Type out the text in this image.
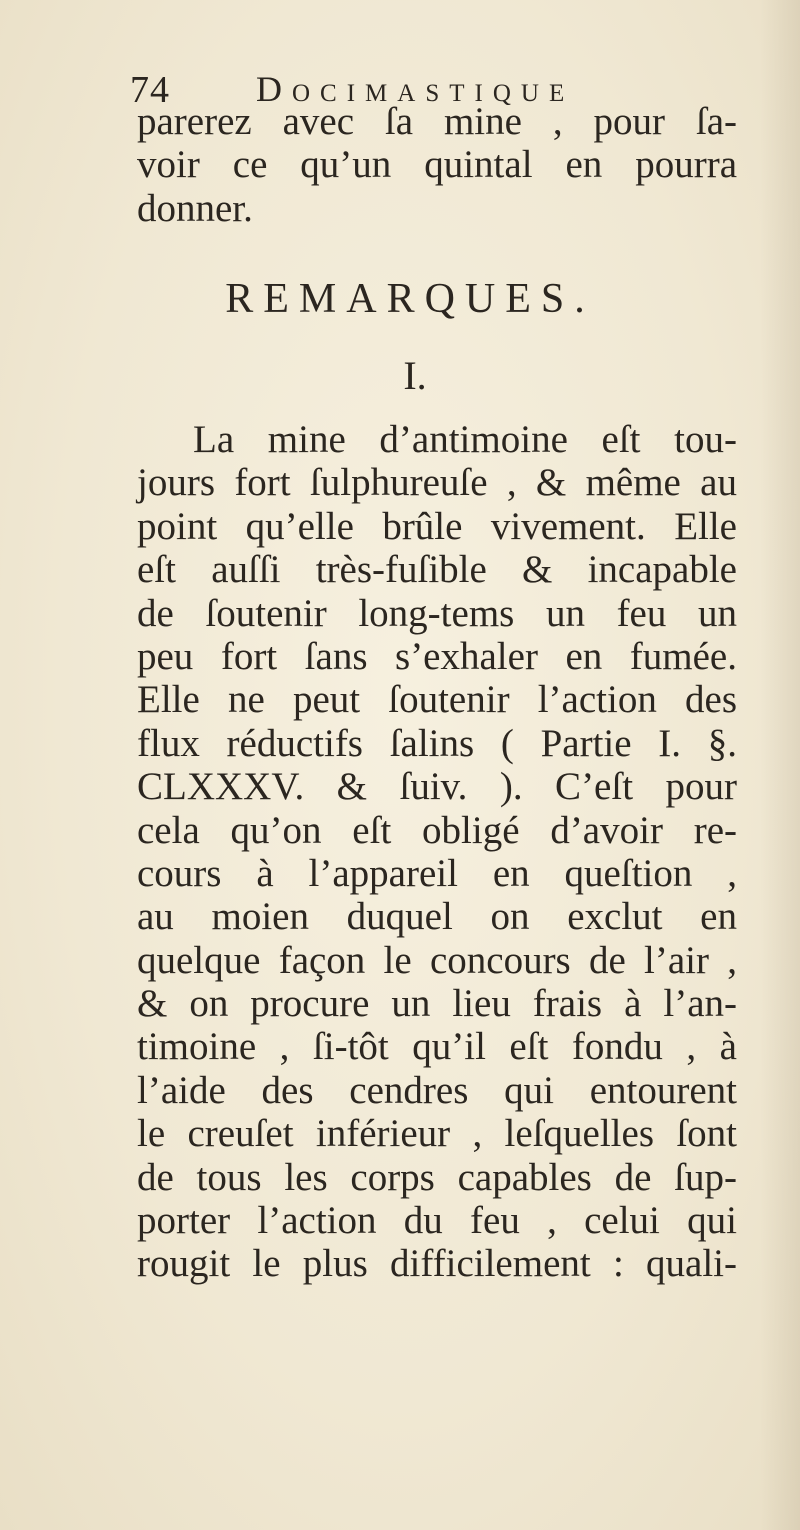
74 Docimastique
parerez avec ſa mine , pour ſa-
voir ce qu’un quintal en pourra
donner.
REMARQUES.
I.
La mine d’antimoine eſt tou-
jours fort ſulphureuſe , & même au
point qu’elle brûle vivement. Elle
eſt auſſi très-fuſible & incapable
de ſoutenir long-tems un feu un
peu fort ſans s’exhaler en fumée.
Elle ne peut ſoutenir l’action des
flux réductifs ſalins ( Partie I. §.
CLXXXV. & ſuiv. ). C’eſt pour
cela qu’on eſt obligé d’avoir re-
cours à l’appareil en queſtion ,
au moien duquel on exclut en
quelque façon le concours de l’air ,
& on procure un lieu frais à l’an-
timoine , ſi-tôt qu’il eſt fondu , à
l’aide des cendres qui entourent
le creuſet inférieur , leſquelles ſont
de tous les corps capables de ſup-
porter l’action du feu , celui qui
rougit le plus difficilement : quali-
